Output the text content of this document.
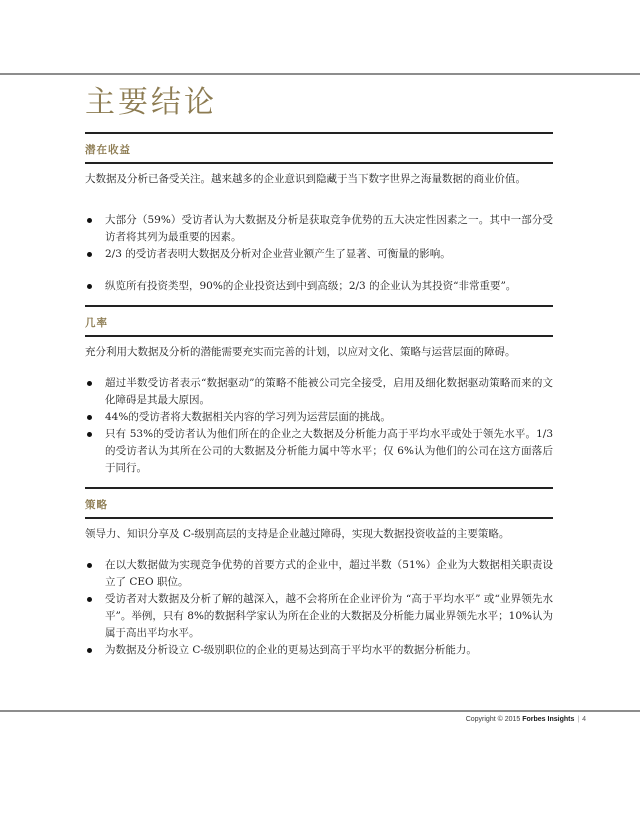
主要结论
潜在收益

大数据及分析已备受关注。越来越多的企业意识到隐藏于当下数字世界之海量数据的商业价值。

大部分（59%）受访者认为大数据及分析是获取竞争优势的五大决定性因素之一。其中一部分受访者将其列为最重要的因素。
2/3 的受访者表明大数据及分析对企业营业额产生了显著、可衡量的影响。
纵览所有投资类型，90%的企业投资达到中到高级；2/3 的企业认为其投资“非常重要”。
几率

充分利用大数据及分析的潜能需要充实而完善的计划，以应对文化、策略与运营层面的障碍。

超过半数受访者表示“数据驱动”的策略不能被公司完全接受，启用及细化数据驱动策略而来的文化障碍是其最大原因。
44%的受访者将大数据相关内容的学习列为运营层面的挑战。
只有 53%的受访者认为他们所在的企业之大数据及分析能力高于平均水平或处于领先水平。1/3 的受访者认为其所在公司的大数据及分析能力属中等水平；仅 6%认为他们的公司在这方面落后于同行。
策略

领导力、知识分享及 C-级别高层的支持是企业越过障碍，实现大数据投资收益的主要策略。

在以大数据做为实现竞争优势的首要方式的企业中，超过半数（51%）企业为大数据相关职责设立了 CEO 职位。
受访者对大数据及分析了解的越深入，越不会将所在企业评价为 “高于平均水平” 或“业界领先水平”。举例，只有 8%的数据科学家认为所在企业的大数据及分析能力属业界领先水平；10%认为属于高出平均水平。
为数据及分析设立 C-级别职位的企业的更易达到高于平均水平的数据分析能力。
Copyright © 2015 Forbes Insights | 4
